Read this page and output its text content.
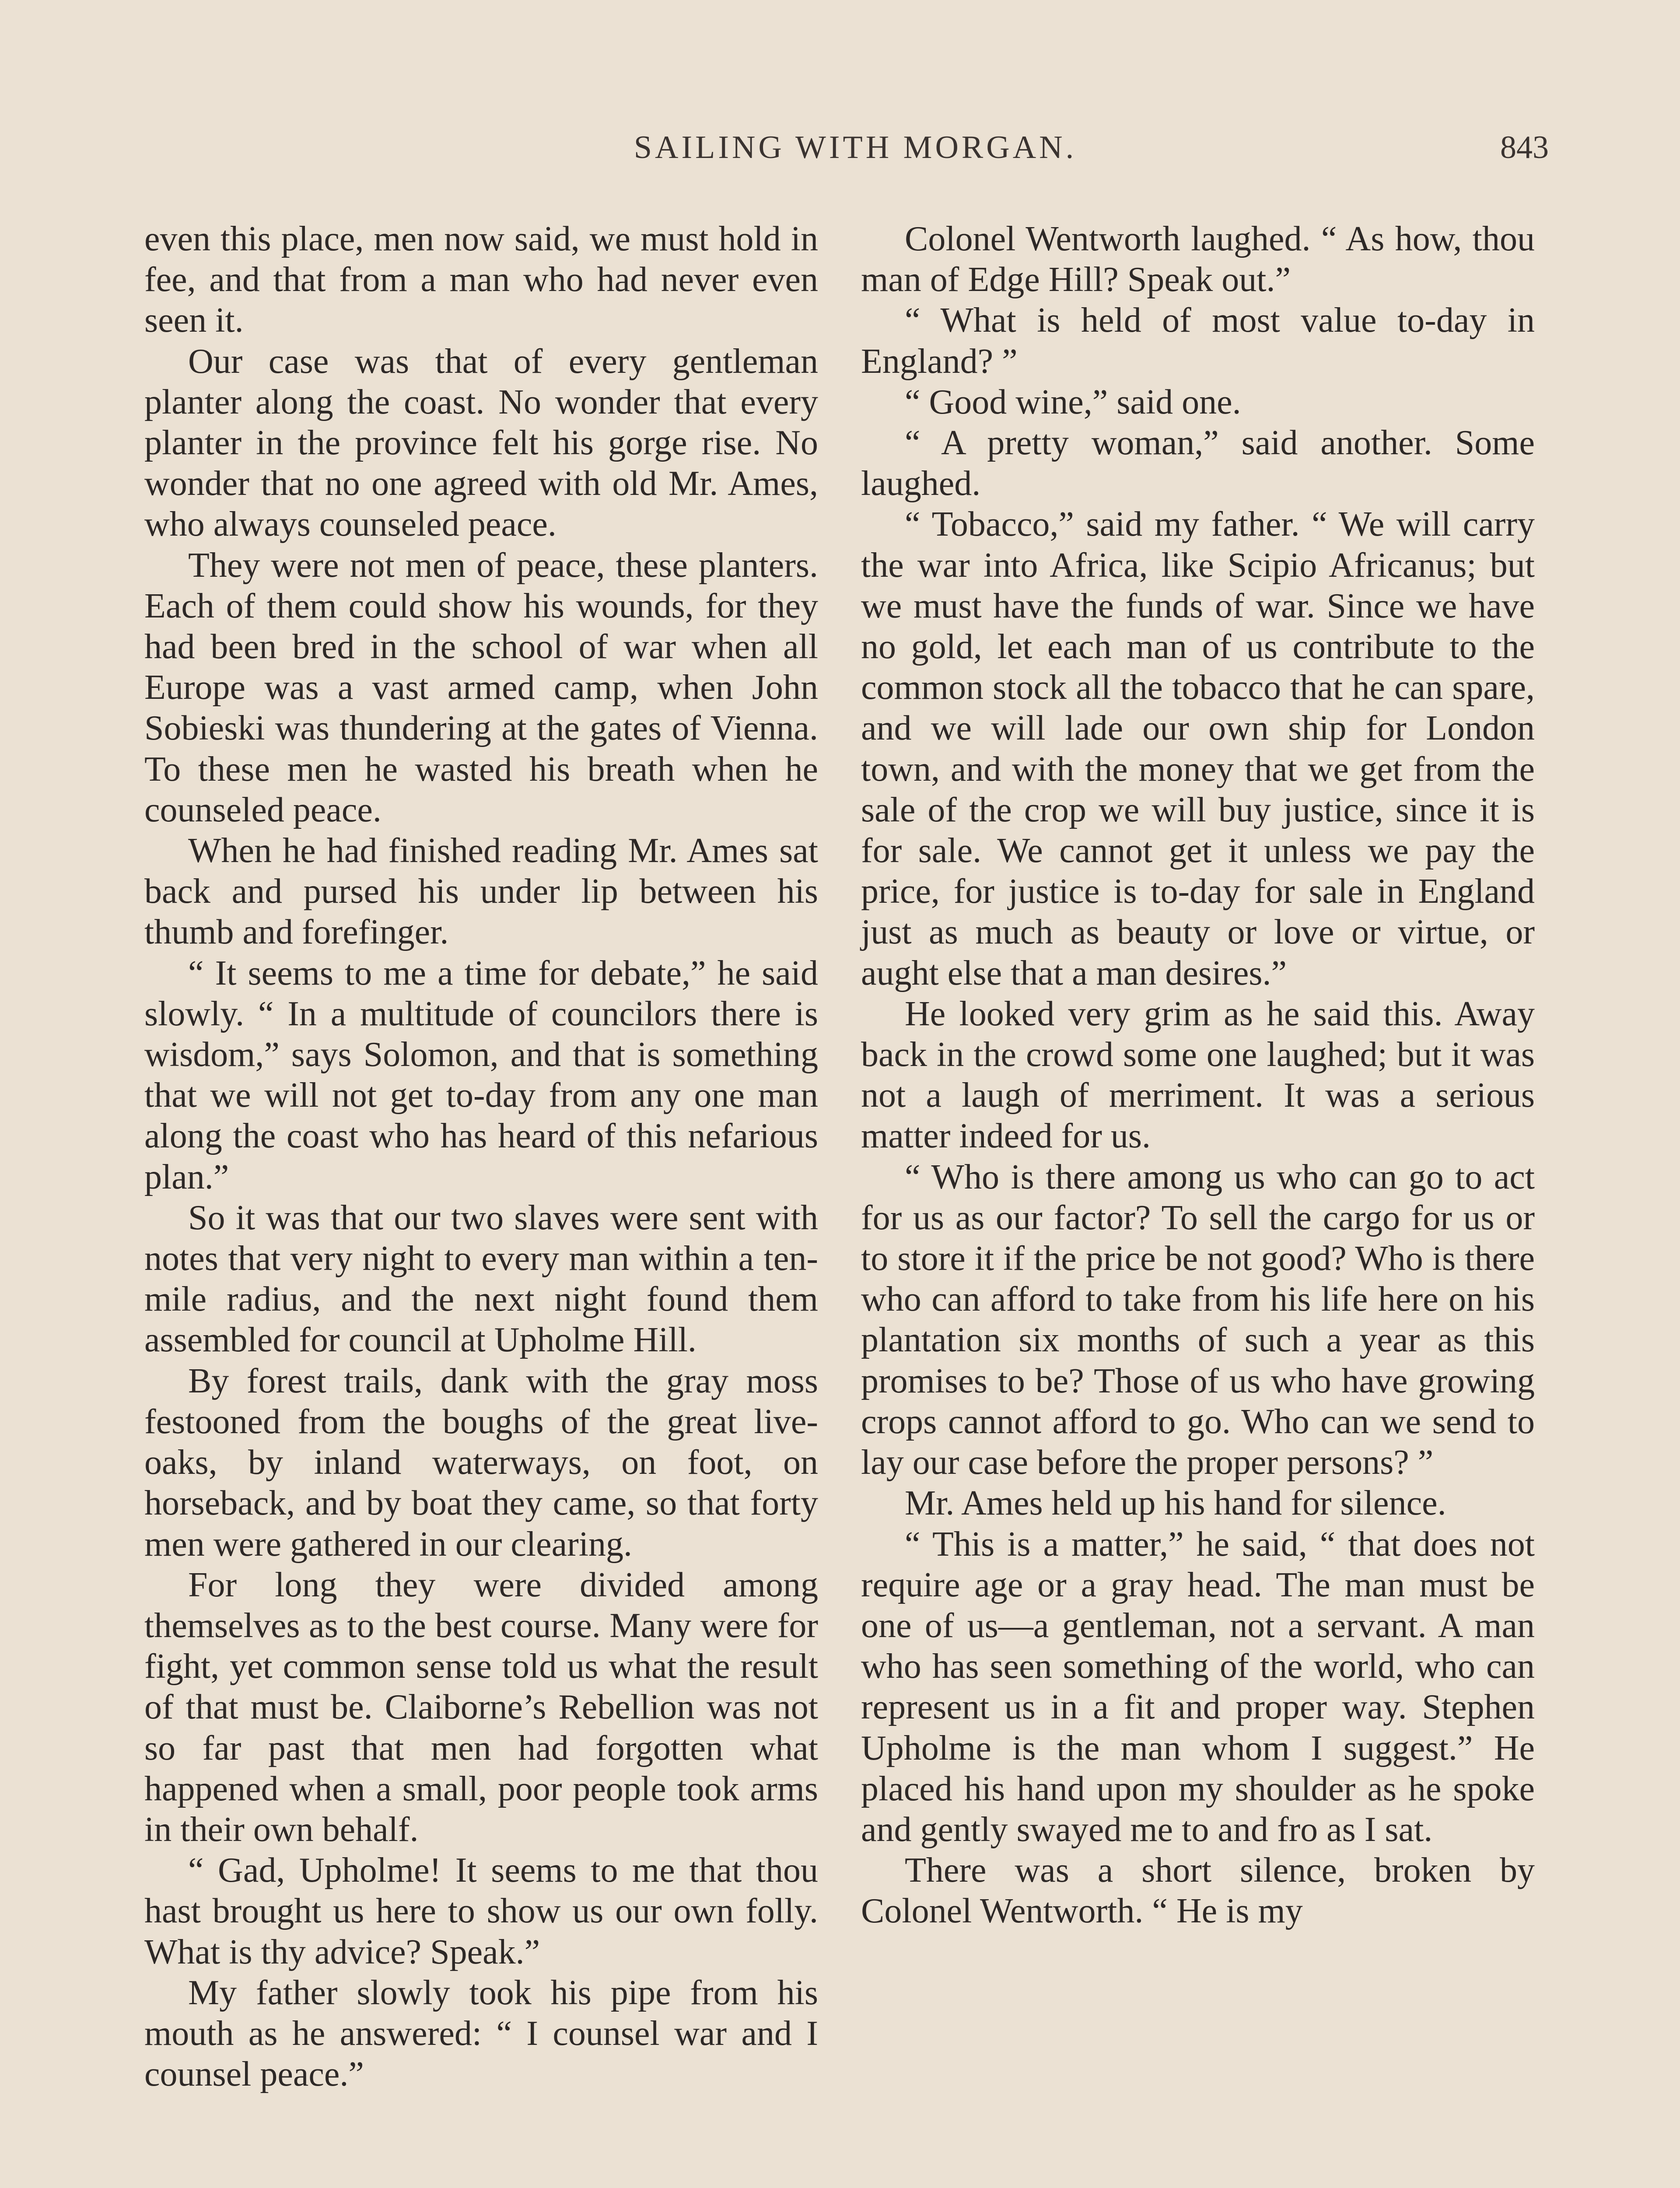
SAILING WITH MORGAN.	843

even this place, men now said, we must hold in fee, and that from a man who had never even seen it.

Our case was that of every gentleman planter along the coast. No wonder that every planter in the province felt his gorge rise. No wonder that no one agreed with old Mr. Ames, who always counseled peace.

They were not men of peace, these planters. Each of them could show his wounds, for they had been bred in the school of war when all Europe was a vast armed camp, when John Sobieski was thundering at the gates of Vienna. To these men he wasted his breath when he counseled peace.

When he had finished reading Mr. Ames sat back and pursed his under lip between his thumb and forefinger.

“ It seems to me a time for debate,” he said slowly. “ In a multitude of councilors there is wisdom,” says Solomon, and that is something that we will not get to-day from any one man along the coast who has heard of this nefarious plan.”

So it was that our two slaves were sent with notes that very night to every man within a ten-mile radius, and the next night found them assembled for council at Upholme Hill.

By forest trails, dank with the gray moss festooned from the boughs of the great live-oaks, by inland waterways, on foot, on horseback, and by boat they came, so that forty men were gathered in our clearing.

For long they were divided among themselves as to the best course. Many were for fight, yet common sense told us what the result of that must be. Claiborne’s Rebellion was not so far past that men had forgotten what happened when a small, poor people took arms in their own behalf.

“ Gad, Upholme! It seems to me that thou hast brought us here to show us our own folly. What is thy advice? Speak.”

My father slowly took his pipe from his mouth as he answered: “ I counsel war and I counsel peace.”

Colonel Wentworth laughed. “ As how, thou man of Edge Hill? Speak out.”

“ What is held of most value to-day in England? ”

“ Good wine,” said one.

“ A pretty woman,” said another. Some laughed.

“ Tobacco,” said my father. “ We will carry the war into Africa, like Scipio Africanus; but we must have the funds of war. Since we have no gold, let each man of us contribute to the common stock all the tobacco that he can spare, and we will lade our own ship for London town, and with the money that we get from the sale of the crop we will buy justice, since it is for sale. We cannot get it unless we pay the price, for justice is to-day for sale in England just as much as beauty or love or virtue, or aught else that a man desires.”

He looked very grim as he said this. Away back in the crowd some one laughed; but it was not a laugh of merriment. It was a serious matter indeed for us.

“ Who is there among us who can go to act for us as our factor? To sell the cargo for us or to store it if the price be not good? Who is there who can afford to take from his life here on his plantation six months of such a year as this promises to be? Those of us who have growing crops cannot afford to go. Who can we send to lay our case before the proper persons? ”

Mr. Ames held up his hand for silence.

“ This is a matter,” he said, “ that does not require age or a gray head. The man must be one of us—a gentleman, not a servant. A man who has seen something of the world, who can represent us in a fit and proper way. Stephen Upholme is the man whom I suggest.” He placed his hand upon my shoulder as he spoke and gently swayed me to and fro as I sat.

There was a short silence, broken by Colonel Wentworth. “ He is my
